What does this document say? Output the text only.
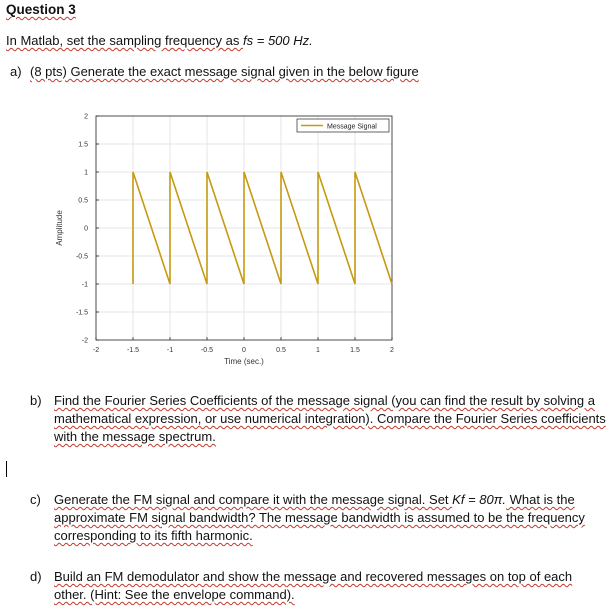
Question 3
In Matlab, set the sampling frequency as fs = 500 Hz.
a) (8 pts) Generate the exact message signal given in the below figure
-2	-1.5	-1	-0.5	0	0.5	1	1.5	2
2
1.5
1
0.5
0
-0.5
-1
-1.5
-2
Time (sec.)
Amplitude
Message Signal
b) Find the Fourier Series Coefficients of the message signal (you can find the result by solving a mathematical expression, or use numerical integration). Compare the Fourier Series coefficients with the message spectrum.
c) Generate the FM signal and compare it with the message signal. Set Kf = 80π. What is the approximate FM signal bandwidth? The message bandwidth is assumed to be the frequency corresponding to its fifth harmonic.
d) Build an FM demodulator and show the message and recovered messages on top of each other. (Hint: See the envelope command).
